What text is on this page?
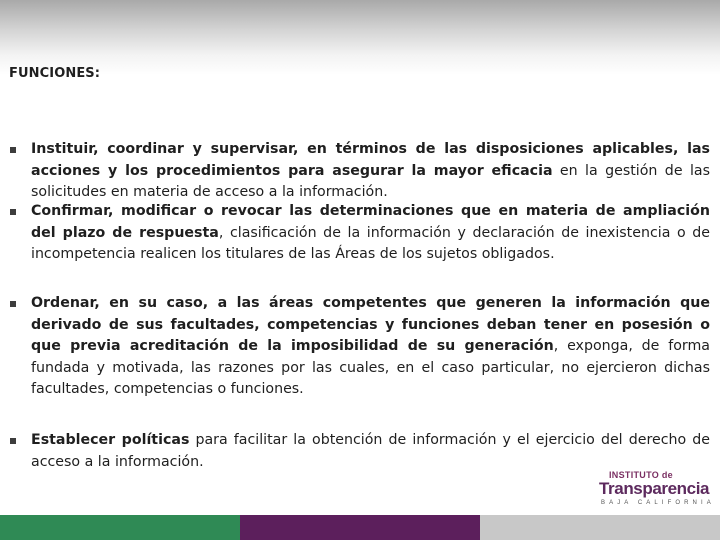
FUNCIONES:
Instituir, coordinar y supervisar, en términos de las disposiciones aplicables, las acciones y los procedimientos para asegurar la mayor eficacia en la gestión de las solicitudes en materia de acceso a la información.
Confirmar, modificar o revocar las determinaciones que en materia de ampliación del plazo de respuesta, clasificación de la información y declaración de inexistencia o de incompetencia realicen los titulares de las Áreas de los sujetos obligados.
Ordenar, en su caso, a las áreas competentes que generen la información que derivado de sus facultades, competencias y funciones deban tener en posesión o que previa acreditación de la imposibilidad de su generación, exponga, de forma fundada y motivada, las razones por las cuales, en el caso particular, no ejercieron dichas facultades, competencias o funciones.
Establecer políticas para facilitar la obtención de información y el ejercicio del derecho de acceso a la información.
INSTITUTO de
Transparencia
BAJA CALIFORNIA
